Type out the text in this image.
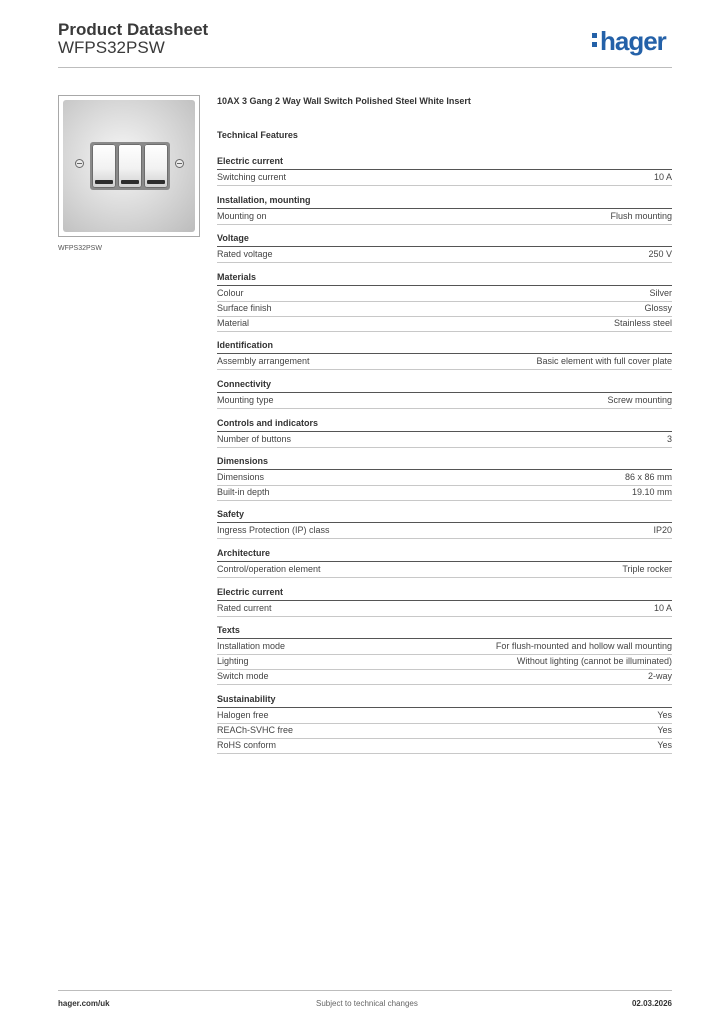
Product Datasheet
WFPS32PSW	hager
WFPS32PSW
10AX 3 Gang 2 Way Wall Switch Polished Steel White Insert
Technical Features
Electric current
Switching current	10 A
Installation, mounting
Mounting on	Flush mounting
Voltage
Rated voltage	250 V
Materials
Colour	Silver
Surface finish	Glossy
Material	Stainless steel
Identification
Assembly arrangement	Basic element with full cover plate
Connectivity
Mounting type	Screw mounting
Controls and indicators
Number of buttons	3
Dimensions
Dimensions	86 x 86 mm
Built-in depth	19.10 mm
Safety
Ingress Protection (IP) class	IP20
Architecture
Control/operation element	Triple rocker
Electric current
Rated current	10 A
Texts
Installation mode	For flush-mounted and hollow wall mounting
Lighting	Without lighting (cannot be illuminated)
Switch mode	2-way
Sustainability
Halogen free	Yes
REACh-SVHC free	Yes
RoHS conform	Yes
hager.com/uk	Subject to technical changes	02.03.2026
